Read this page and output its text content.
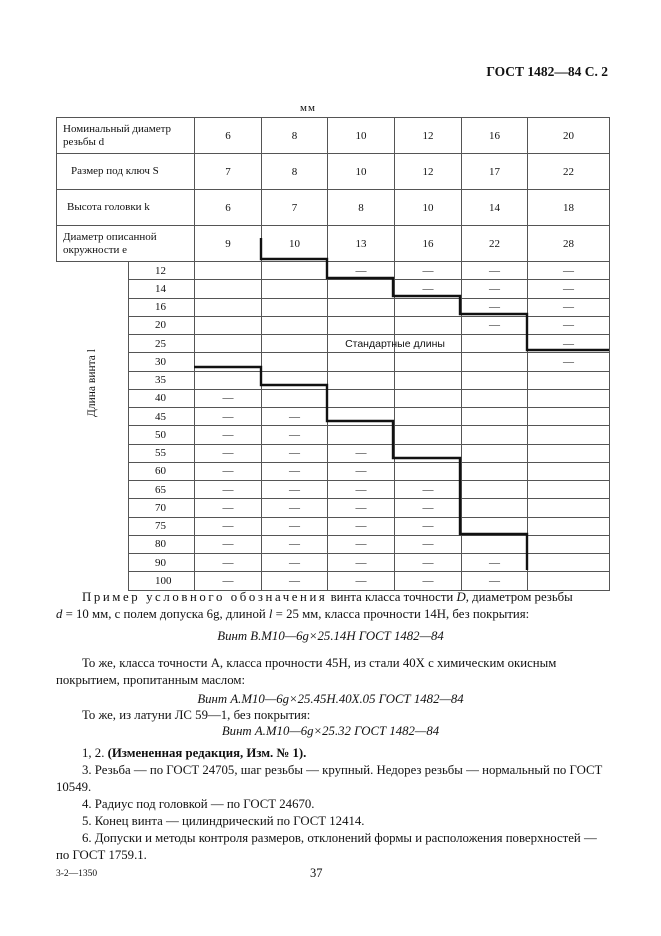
ГОСТ 1482—84 С. 2
мм
Номинальный диаметр резьбы d		6	8	10	12	16	20
Размер под ключ S		7	8	10	12	17	22
Высота головки k		6	7	8	10	14	18
Диаметр описанной окружности e		9	10	13	16	22	28
	12			—	—	—	—
	14				—	—	—
	16					—	—
	20					—	—
	25						—
	30						—
	35						
	40	—					
	45	—	—				
	50	—	—				
	55	—	—	—			
	60	—	—	—			
	65	—	—	—	—		
	70	—	—	—	—		
	75	—	—	—	—		
	80	—	—	—	—		
	90	—	—	—	—	—	
	100	—	—	—	—	—	
Стандартные длины
Длина винта l

Пример условного обозначения винта класса точности D, диаметром резьбы

d = 10 мм, с полем допуска 6g, длиной l = 25 мм, класса прочности 14Н, без покрытия:

Винт В.М10—6g×25.14Н ГОСТ 1482—84

То же, класса точности А, класса прочности 45Н, из стали 40Х с химическим окисным покрытием, пропитанным маслом:

Винт А.М10—6g×25.45Н.40Х.05 ГОСТ 1482—84

То же, из латуни ЛС 59—1, без покрытия:

Винт А.М10—6g×25.32 ГОСТ 1482—84

1, 2. (Измененная редакция, Изм. № 1).

3. Резьба — по ГОСТ 24705, шаг резьбы — крупный. Недорез резьбы — нормальный по ГОСТ 10549.

4. Радиус под головкой — по ГОСТ 24670.

5. Конец винта — цилиндрический по ГОСТ 12414.

6. Допуски и методы контроля размеров, отклонений формы и расположения поверхностей — по ГОСТ 1759.1.

3-2—1350	37
